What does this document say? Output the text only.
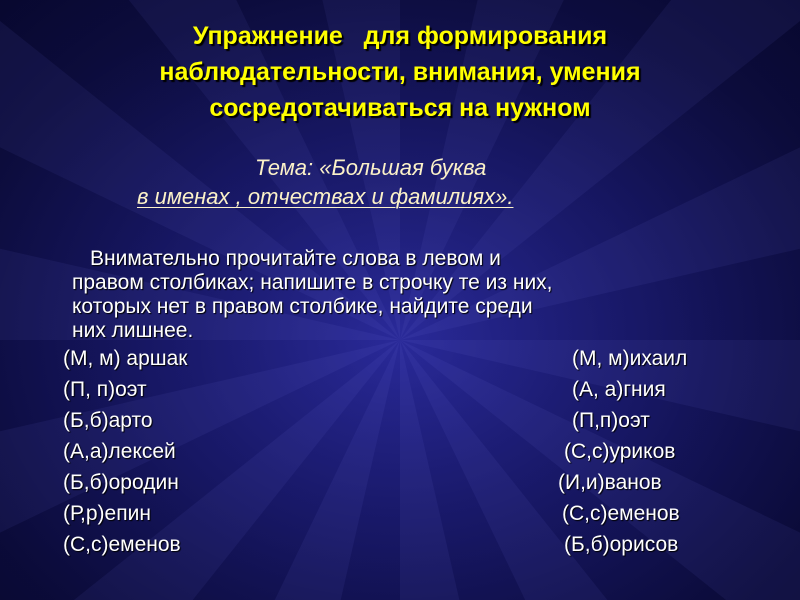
Упражнение   для формирования
наблюдательности, внимания, умения
сосредотачиваться на нужном
Тема: «Большая буква
в именах , отчествах и фамилиях».
Внимательно прочитайте слова в левом и
правом столбиках; напишите в строчку те из них,
которых нет в правом столбике, найдите среди
них лишнее.
(М, м) аршак	(М, м)ихаил
(П, п)оэт	(А, а)гния
(Б,б)арто	(П,п)оэт
(А,а)лексей	(С,с)уриков
(Б,б)ородин	(И,и)ванов
(Р,р)епин	(С,с)еменов
(С,с)еменов	(Б,б)орисов
